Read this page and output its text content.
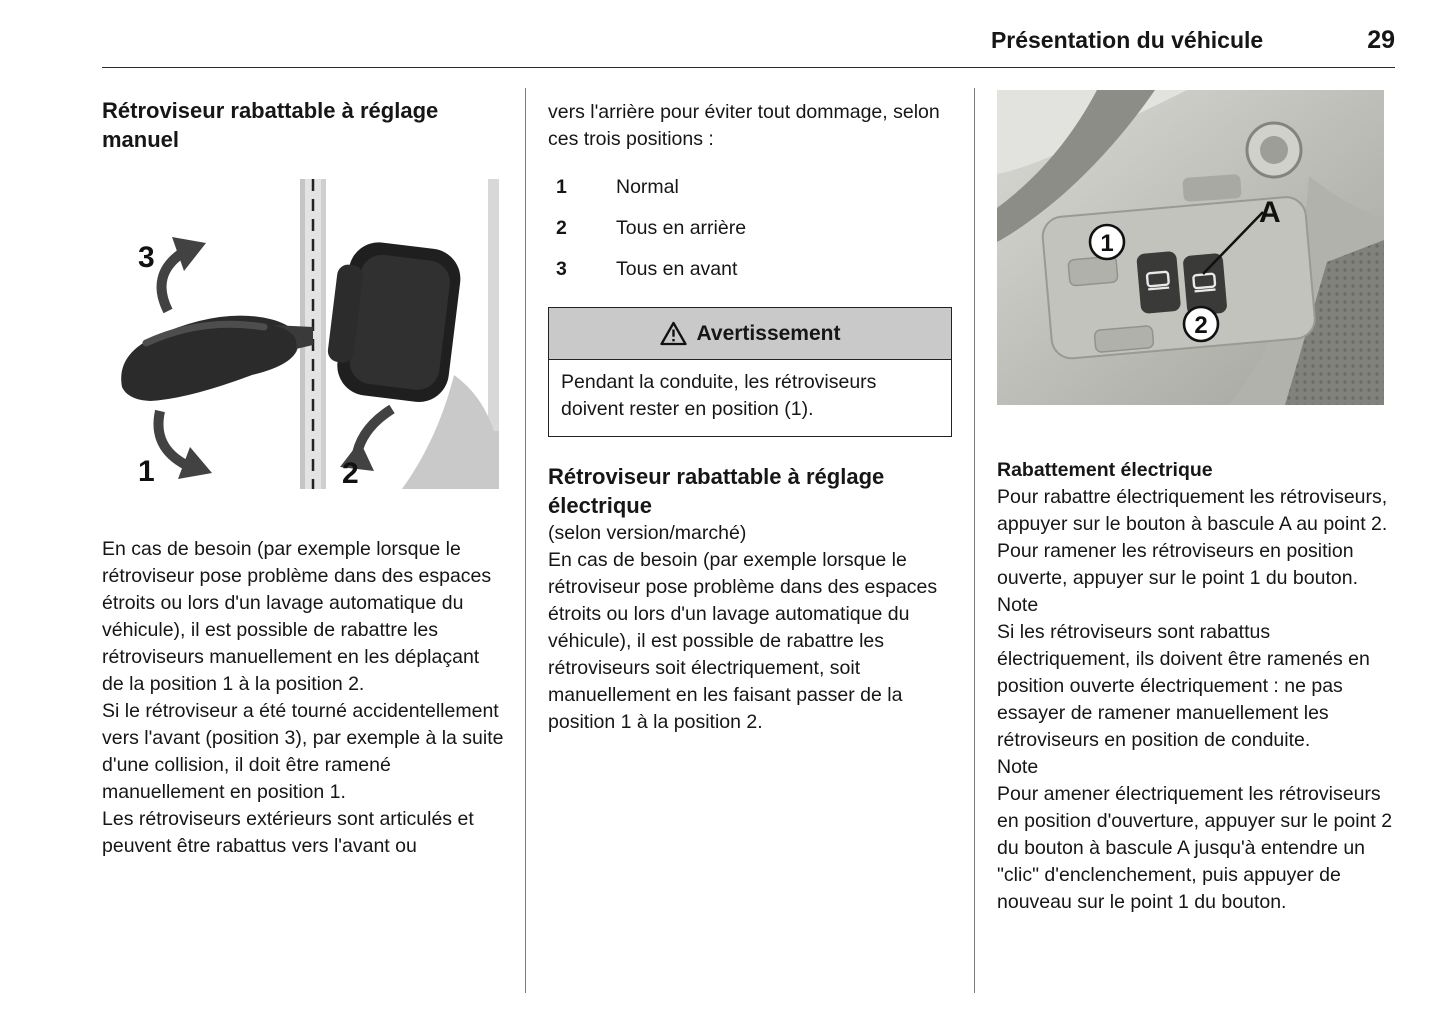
Présentation du véhicule	29
Rétroviseur rabattable à réglage manuel
3
1	2

En cas de besoin (par exemple lorsque le rétroviseur pose problème dans des espaces étroits ou lors d'un lavage automatique du véhicule), il est possible de rabattre les rétroviseurs manuellement en les déplaçant de la position 1 à la position 2.

Si le rétroviseur a été tourné accidentellement vers l'avant (position 3), par exemple à la suite d'une collision, il doit être ramené manuellement en position 1.

Les rétroviseurs extérieurs sont articulés et peuvent être rabattus vers l'avant ou

vers l'arrière pour éviter tout dommage, selon ces trois positions :

1	Normal
2	Tous en arrière
3	Tous en avant
Avertissement
Pendant la conduite, les rétroviseurs doivent rester en position (1).
Rétroviseur rabattable à réglage électrique

(selon version/marché)

En cas de besoin (par exemple lorsque le rétroviseur pose problème dans des espaces étroits ou lors d'un lavage automatique du véhicule), il est possible de rabattre les rétroviseurs soit électriquement, soit manuellement en les faisant passer de la position 1 à la position 2.

1
2
A

Rabattement électrique

Pour rabattre électriquement les rétroviseurs, appuyer sur le bouton à bascule A au point 2. Pour ramener les rétroviseurs en position ouverte, appuyer sur le point 1 du bouton.

Note

Si les rétroviseurs sont rabattus électriquement, ils doivent être ramenés en position ouverte électriquement : ne pas essayer de ramener manuellement les rétroviseurs en position de conduite.

Note

Pour amener électriquement les rétroviseurs en position d'ouverture, appuyer sur le point 2 du bouton à bascule A jusqu'à entendre un "clic" d'enclenchement, puis appuyer de nouveau sur le point 1 du bouton.
